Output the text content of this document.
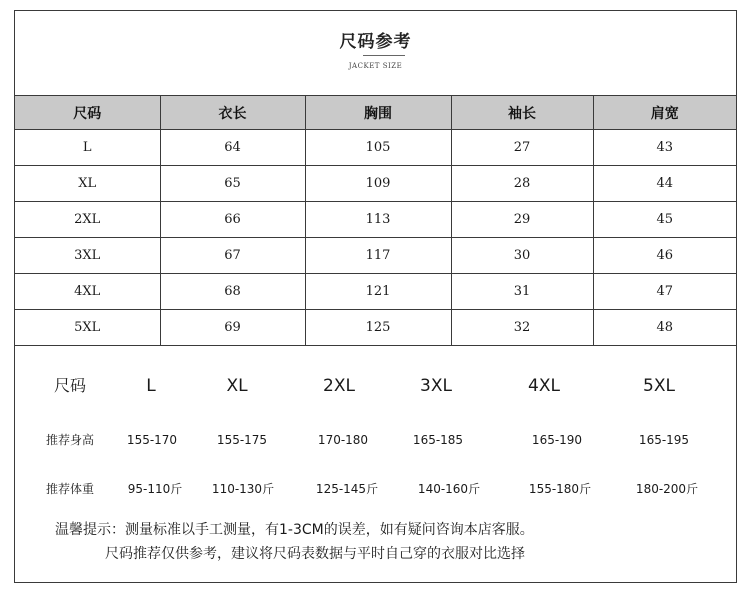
尺码参考
JACKET SIZE
尺码	衣长	胸围	袖长	肩宽
L	64	105	27	43
XL	65	109	28	44
2XL	66	113	29	45
3XL	67	117	30	46
4XL	68	121	31	47
5XL	69	125	32	48
尺码	L	XL	2XL	3XL	4XL	5XL
推荐身高	155-170	155-175	170-180	165-185	165-190	165-195
推荐体重	95-110斤 110-130斤	125-145斤	140-160斤	155-180斤	180-200斤
温馨提示：测量标准以手工测量，有1-3CM的误差，如有疑问咨询本店客服。
尺码推荐仅供参考，建议将尺码表数据与平时自己穿的衣服对比选择
